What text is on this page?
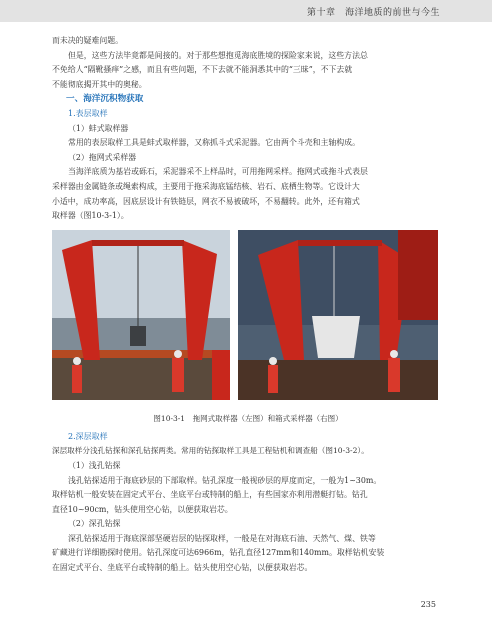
第十章　海洋地质的前世与今生

而未决的疑难问题。

但是，这些方法毕竟都是间接的。对于那些想抱觅海底胜境的探险家来说，这些方法总

不免给人“隔靴搔痒”之感，而且有些问题，不下去就不能洞悉其中的“三昧”，不下去就

不能彻底揭开其中的奥秘。

一、海洋沉积物获取

1.表层取样

（1）蚌式取样器

常用的表层取样工具是蚌式取样器，又称抓斗式采泥器。它由两个斗壳和主轴构成。

（2）拖网式采样器

当海洋底质为基岩或砾石，采泥器采不上样品时，可用拖网采样。拖网式或拖斗式表层

采样器由金属链条或绳索构成，主要用于拖采海底锰结核、岩石、底栖生物等。它设计大

小适中，成功率高，因底层设计有铁链层，网衣不易被破坏，不易翻转。此外，还有箱式

取样器（图10-3-1）。

图10-3-1　拖网式取样器（左图）和箱式采样器（右图）

2.深层取样

深层取样分浅孔钻探和深孔钻探两类。常用的钻探取样工具是工程钻机和调查船（图10-3-2）。

（1）浅孔钻探

浅孔钻探适用于海底砂层的下部取样。钻孔深度一般视砂层的厚度而定，一般为1~30m。

取样钻机一般安装在固定式平台、坐底平台或特制的船上，有些国家亦利用潜艇打钻。钻孔

直径10~90cm，钻头使用空心钻，以便获取岩芯。

（2）深孔钻探

深孔钻探适用于海底深部坚硬岩层的钻探取样，一般是在对海底石油、天然气、煤、铁等

矿藏进行详细勘探时使用。钻孔深度可达6966m，钻孔直径127mm和140mm。取样钻机安装

在固定式平台、坐底平台或特制的船上。钻头使用空心钻，以便获取岩芯。

235
